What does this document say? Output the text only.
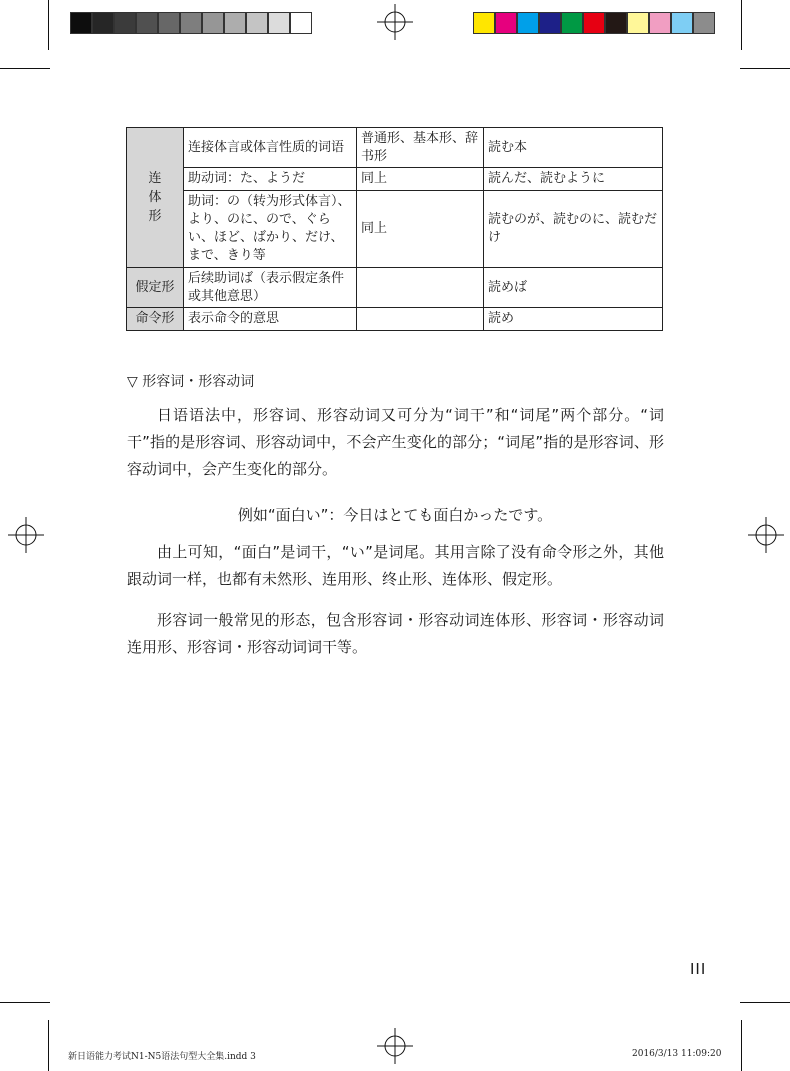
连体形	连接体言或体言性质的词语	普通形、基本形、辞书形	読む本
	助动词：た、ようだ	同上	読んだ、読むように
	助词：の（转为形式体言）、より、のに、ので、ぐらい、ほど、ばかり、だけ、まで、きり等	同上	読むのが、読むのに、読むだけ
假定形	后续助词ば（表示假定条件或其他意思）		読めば
命令形	表示命令的意思		読め
▽ 形容词・形容动词

日语语法中，形容词、形容动词又可分为“词干”和“词尾”两个部分。“词干”指的是形容词、形容动词中，不会产生变化的部分；“词尾”指的是形容词、形容动词中，会产生变化的部分。

例如“面白い”：今日はとても面白かったです。

由上可知，“面白”是词干，“い”是词尾。其用言除了没有命令形之外，其他跟动词一样，也都有未然形、连用形、终止形、连体形、假定形。

形容词一般常见的形态，包含形容词・形容动词连体形、形容词・形容动词连用形、形容词・形容动词词干等。

III
新日语能力考试N1-N5语法句型大全集.indd 3	2016/3/13 11:09:20
